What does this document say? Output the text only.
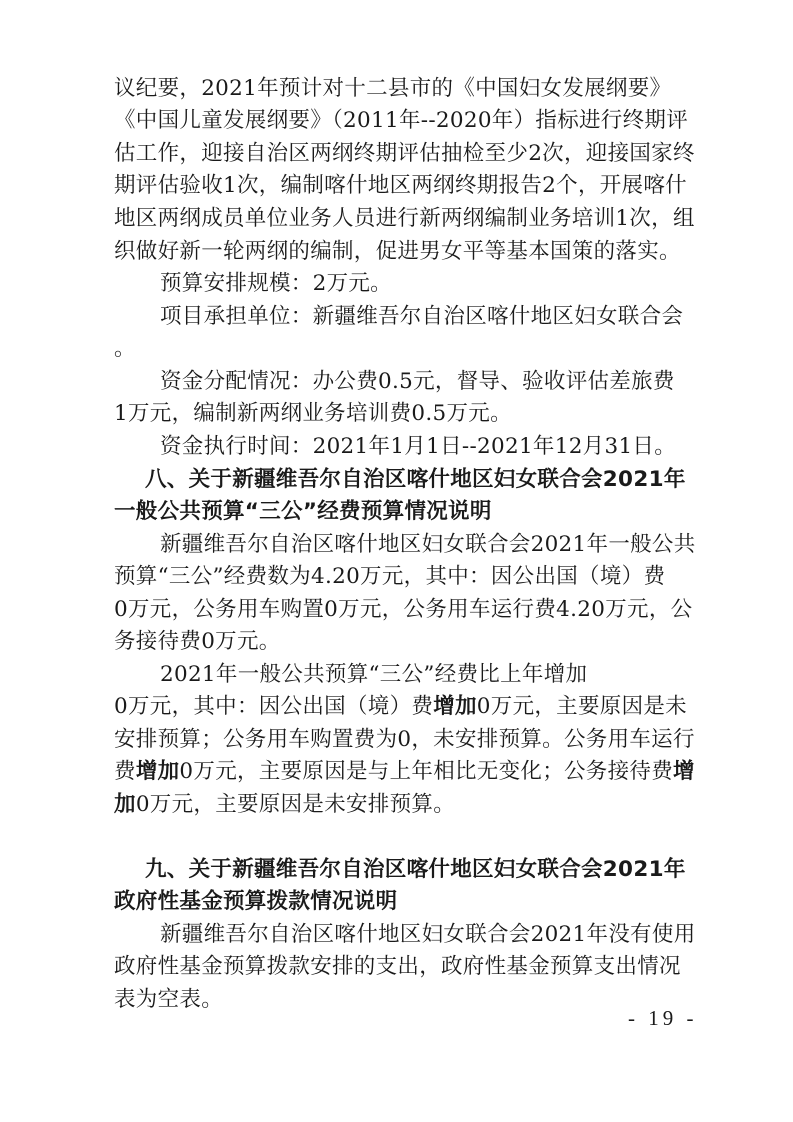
议纪要，2021年预计对十二县市的《中国妇女发展纲要》
《中国儿童发展纲要》（2011年--2020年）指标进行终期评
估工作，迎接自治区两纲终期评估抽检至少2次，迎接国家终
期评估验收1次，编制喀什地区两纲终期报告2个，开展喀什
地区两纲成员单位业务人员进行新两纲编制业务培训1次，组
织做好新一轮两纲的编制，促进男女平等基本国策的落实。
预算安排规模：2万元。
项目承担单位：新疆维吾尔自治区喀什地区妇女联合会
。
资金分配情况：办公费0.5元，督导、验收评估差旅费
1万元，编制新两纲业务培训费0.5万元。
资金执行时间：2021年1月1日--2021年12月31日。
八、关于新疆维吾尔自治区喀什地区妇女联合会2021年
一般公共预算“三公”经费预算情况说明
新疆维吾尔自治区喀什地区妇女联合会2021年一般公共
预算“三公”经费数为4.20万元，其中：因公出国（境）费
0万元，公务用车购置0万元，公务用车运行费4.20万元，公
务接待费0万元。
2021年一般公共预算“三公”经费比上年增加
0万元，其中：因公出国（境）费增加0万元，主要原因是未
安排预算；公务用车购置费为0，未安排预算。公务用车运行
费增加0万元，主要原因是与上年相比无变化；公务接待费增
加0万元，主要原因是未安排预算。
九、关于新疆维吾尔自治区喀什地区妇女联合会2021年
政府性基金预算拨款情况说明
新疆维吾尔自治区喀什地区妇女联合会2021年没有使用
政府性基金预算拨款安排的支出，政府性基金预算支出情况
表为空表。
- 19 -
